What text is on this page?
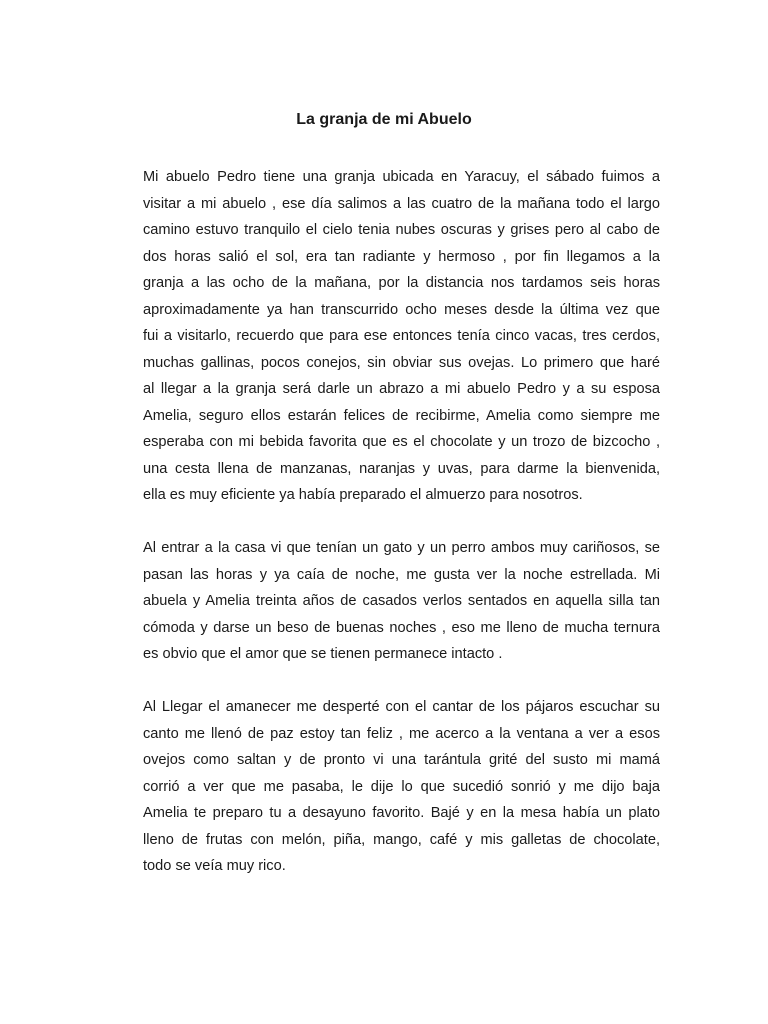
La granja de mi Abuelo

Mi abuelo Pedro tiene una granja ubicada en Yaracuy, el sábado fuimos a
visitar a mi abuelo , ese día salimos a las cuatro de la mañana todo el largo
camino estuvo tranquilo el cielo tenia nubes oscuras y grises pero al cabo de
dos horas salió el sol, era tan radiante y hermoso , por fin llegamos a la
granja a las ocho de la mañana, por la distancia nos tardamos seis horas
aproximadamente ya han transcurrido ocho meses desde la última vez que
fui a visitarlo, recuerdo que para ese entonces tenía cinco vacas, tres cerdos,
muchas gallinas, pocos conejos, sin obviar sus ovejas. Lo primero que haré
al llegar a la granja será darle un abrazo a mi abuelo Pedro y a su esposa
Amelia, seguro ellos estarán felices de recibirme, Amelia como siempre me
esperaba con mi bebida favorita que es el chocolate y un trozo de bizcocho ,
una cesta llena de manzanas, naranjas y uvas, para darme la bienvenida,
ella es muy eficiente ya había preparado el almuerzo para nosotros.

Al entrar a la casa vi que tenían un gato y un perro ambos muy cariñosos, se
pasan las horas y ya caía de noche, me gusta ver la noche estrellada. Mi
abuela y Amelia treinta años de casados verlos sentados en aquella silla tan
cómoda y darse un beso de buenas noches , eso me lleno de mucha ternura
es obvio que el amor que se tienen permanece intacto .

Al Llegar el amanecer me desperté con el cantar de los pájaros escuchar su
canto me llenó de paz estoy tan feliz , me acerco a la ventana a ver a esos
ovejos como saltan y de pronto vi una tarántula grité del susto mi mamá
corrió a ver que me pasaba, le dije lo que sucedió sonrió y me dijo baja
Amelia te preparo tu a desayuno favorito. Bajé y en la mesa había un plato
lleno de frutas con melón, piña, mango, café y mis galletas de chocolate,
todo se veía muy rico.
